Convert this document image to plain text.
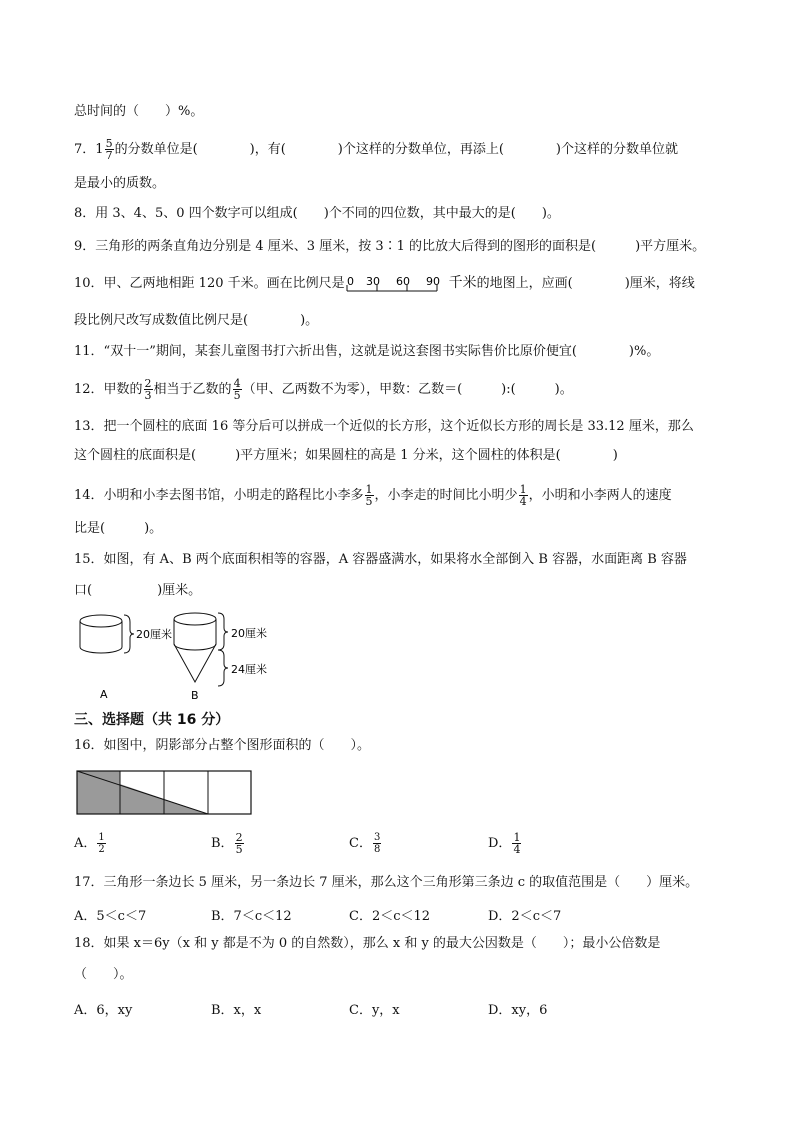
总时间的（　　）%。
7． $1 \frac{5}{7}$ 的分数单位是(　　　　)，有(　　　　)个这样的分数单位，再添上(　　　　)个这样的分数单位就
是最小的质数。
8．用 3、4、5、0 四个数字可以组成(　　)个不同的四位数，其中最大的是(　　)。
9．三角形的两条直角边分别是 4 厘米、3 厘米，按 3∶1 的比放大后得到的图形的面积是(　　　)平方厘米。
10．甲、乙两地相距 120 千米。画在比例尺是 0 30 60 90 千米的地图上，应画(　　　　)厘米，将线
段比例尺改写成数值比例尺是(　　　　)。
11．“双十一”期间，某套儿童图书打六折出售，这就是说这套图书实际售价比原价便宜(　　　　)%。
12．甲数的 $\frac{2}{3}$ 相当于乙数的 $\frac{4}{5}$ （甲、乙两数不为零），甲数：乙数＝(　　　):(　　　)。
13．把一个圆柱的底面 16 等分后可以拼成一个近似的长方形，这个近似长方形的周长是 33.12 厘米，那么
这个圆柱的底面积是(　　　)平方厘米；如果圆柱的高是 1 分米，这个圆柱的体积是(　　　　)
14．小明和小李去图书馆，小明走的路程比小李多 $\frac{1}{5}$ ，小李走的时间比小明少 $\frac{1}{4}$ ，小明和小李两人的速度
比是(　　　)。
15．如图，有 A、B 两个底面积相等的容器，A 容器盛满水，如果将水全部倒入 B 容器，水面距离 B 容器
口(　　　　　)厘米。
20厘米	20厘米
24厘米
A	B
三、选择题（共 16 分）
16．如图中，阴影部分占整个图形面积的（　　）。
A． $\frac{1}{2}$	B． $\frac{2}{5}$	C． $\frac{3}{8}$	D． $\frac{1}{4}$
17．三角形一条边长 5 厘米，另一条边长 7 厘米，那么这个三角形第三条边 c 的取值范围是（　　）厘米。
A．5＜c＜7	B．7＜c＜12	C．2＜c＜12	D．2＜c＜7
18．如果 x＝6y（x 和 y 都是不为 0 的自然数），那么 x 和 y 的最大公因数是（　　）；最小公倍数是
（　　）。
A．6，xy	B．x，x	C．y，x	D．xy，6
